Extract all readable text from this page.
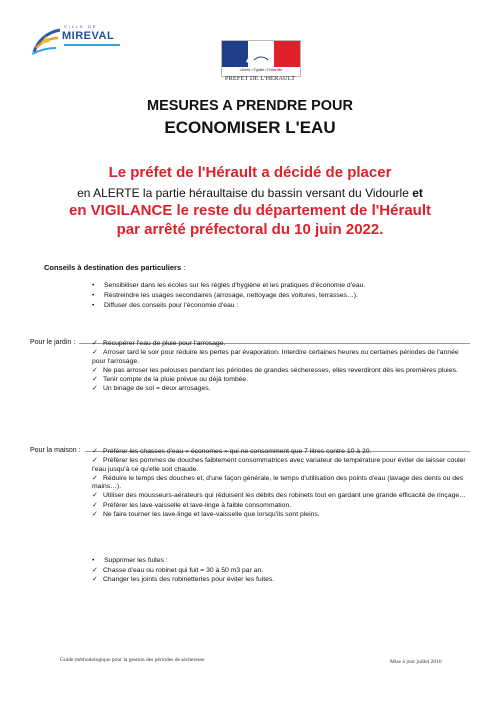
VILLE DE
MIREVAL
Liberté • Égalité • Fraternité
PREFET DE L'HERAULT
MESURES A PRENDRE POUR
ECONOMISER L'EAU
Le préfet de l'Hérault a décidé de placer
en ALERTE la partie héraultaise du bassin versant du Vidourle et
en VIGILANCE le reste du département de l'Hérault
par arrêté préfectoral du 10 juin 2022.
Conseils à destination des particuliers :
• Sensibiliser dans les écoles sur les règles d'hygiène et les pratiques d'économie d'eau.
• Restreindre les usages secondaires (arrosage, nettoyage des voitures, terrasses…).
• Diffuser des conseils pour l'économie d'eau :
Pour le jardin :	✓ Récupérer l'eau de pluie pour l'arrosage.
✓ Arroser tard le soir pour réduire les pertes par évaporation. Interdire certaines heures ou certaines périodes de l'année pour l'arrosage.
✓ Ne pas arroser les pelouses pendant les périodes de grandes sécheresses, elles reverdiront dès les premières pluies.
✓ Tenir compte de la pluie prévue ou déjà tombée.
✓ Un binage de sol = deux arrosages.
Pour la maison :	✓ Préférer les chasses d'eau « économes » qui ne consomment que 7 litres contre 10 à 20.
✓ Préférer les pommes de douches faiblement consommatrices avec variateur de température pour éviter de laisser couler l'eau jusqu'à ce qu'elle soit chaude.
✓ Réduire le temps des douches et, d'une façon générale, le temps d'utilisation des points d'eau (lavage des dents ou des mains…).
✓ Utiliser des mousseurs-aérateurs qui réduisent les débits des robinets tout en gardant une grande efficacité de rinçage…
✓ Préférer les lave-vaisselle et lave-linge à faible consommation.
✓ Ne faire tourner les lave-linge et lave-vaisselle que lorsqu'ils sont pleins.
• Supprimer les fuites :
✓ Chasse d'eau ou robinet qui fuit = 30 à 50 m3 par an.
✓ Changer les joints des robinetteries pour éviter les fuites.
Guide méthodologique pour la gestion des périodes de sécheresse	Mise à jour juillet 2010
